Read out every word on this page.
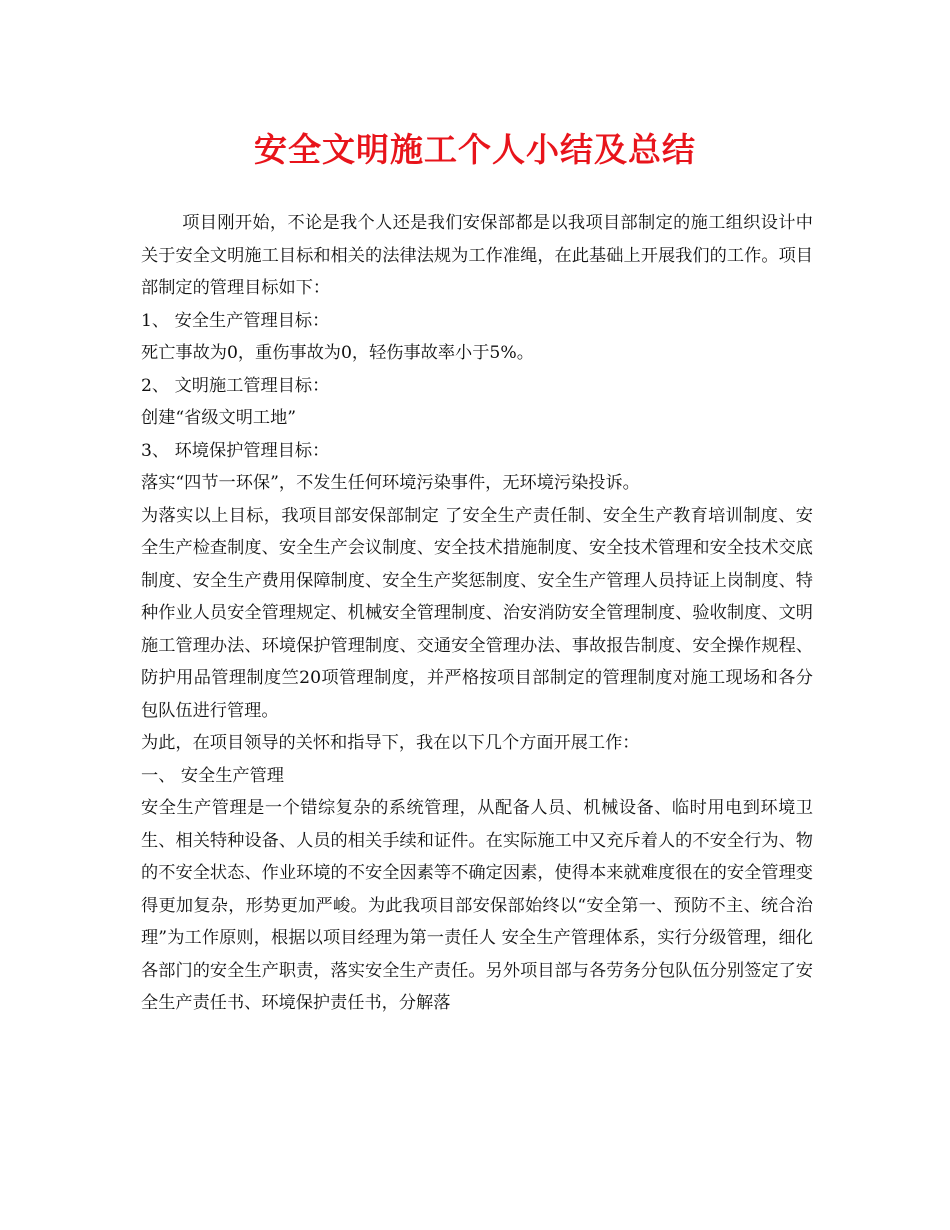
安全文明施工个人小结及总结

项目刚开始，不论是我个人还是我们安保部都是以我项目部制定的施工组织设计中关于安全文明施工目标和相关的法律法规为工作准绳，在此基础上开展我们的工作。项目部制定的管理目标如下：

1、 安全生产管理目标：

死亡事故为0，重伤事故为0，轻伤事故率小于5%。

2、 文明施工管理目标：

创建“省级文明工地”

3、 环境保护管理目标：

落实“四节一环保”，不发生任何环境污染事件，无环境污染投诉。

为落实以上目标，我项目部安保部制定 了安全生产责任制、安全生产教育培训制度、安全生产检查制度、安全生产会议制度、安全技术措施制度、安全技术管理和安全技术交底制度、安全生产费用保障制度、安全生产奖惩制度、安全生产管理人员持证上岗制度、特种作业人员安全管理规定、机械安全管理制度、治安消防安全管理制度、验收制度、文明施工管理办法、环境保护管理制度、交通安全管理办法、事故报告制度、安全操作规程、防护用品管理制度竺20项管理制度，并严格按项目部制定的管理制度对施工现场和各分包队伍进行管理。

为此，在项目领导的关怀和指导下，我在以下几个方面开展工作：

一、 安全生产管理

安全生产管理是一个错综复杂的系统管理，从配备人员、机械设备、临时用电到环境卫生、相关特种设备、人员的相关手续和证件。在实际施工中又充斥着人的不安全行为、物的不安全状态、作业环境的不安全因素等不确定因素，使得本来就难度很在的安全管理变得更加复杂，形势更加严峻。为此我项目部安保部始终以“安全第一、预防不主、统合治理”为工作原则，根据以项目经理为第一责任人 安全生产管理体系，实行分级管理，细化各部门的安全生产职责，落实安全生产责任。另外项目部与各劳务分包队伍分别签定了安全生产责任书、环境保护责任书，分解落
